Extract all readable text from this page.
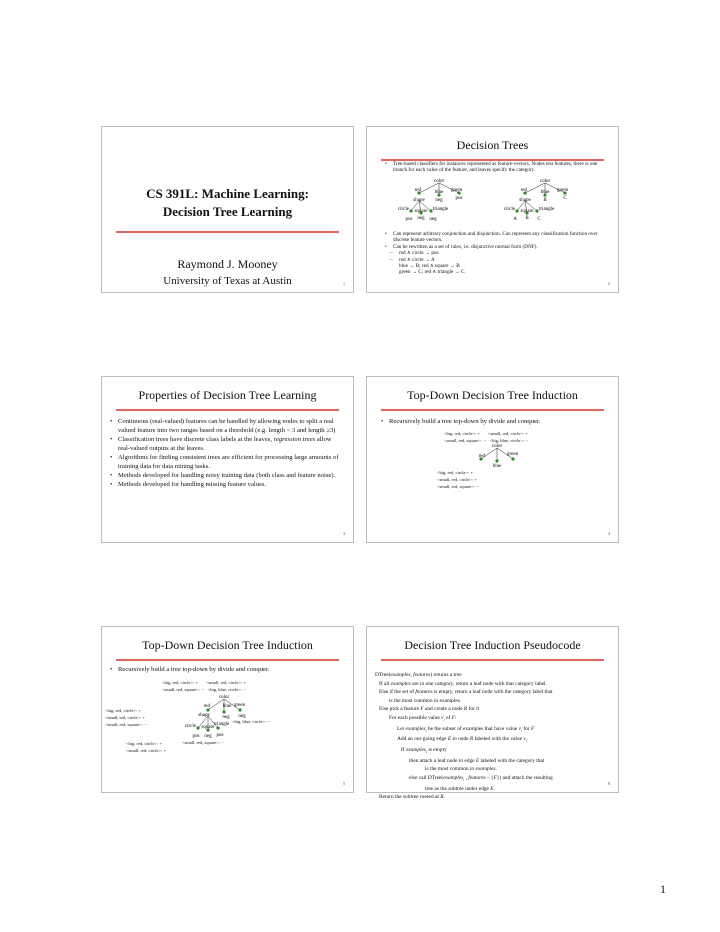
CS 391L: Machine Learning:
Decision Tree Learning
Raymond J. Mooney
University of Texas at Austin	1
Decision Trees
• Tree-based classifiers for instances represented as feature-vectors. Nodes test features, there is one branch for each value of the feature, and leaves specify the category.
color
red	blue green
shape neg	pos
circle square triangle
pos neg neg
color
red	blue green
shape	B	C
circle square triangle
A B C
• Can represent arbitrary conjunction and disjunction. Can represent any classification function over discrete feature vectors.
• Can be rewritten as a set of rules, i.e. disjunctive normal form (DNF).
– red ∧ circle → pos
– red ∧ circle → A
blue → B; red ∧ square → B
green → C; red ∧ triangle → C
2
Properties of Decision Tree Learning
• Continuous (real-valued) features can be handled by allowing nodes to split a real valued feature into two ranges based on a threshold (e.g. length < 3 and length ≥3)
• Classification trees have discrete class labels at the leaves, regression trees allow real-valued outputs at the leaves.
• Algorithms for finding consistent trees are efficient for processing large amounts of training data for data mining tasks.
• Methods developed for handling noisy training data (both class and feature noise).
• Methods developed for handling missing feature values.
3
Top-Down Decision Tree Induction
• Recursively build a tree top-down by divide and conquer.
<big, red, circle>: + <small, red, circle>: +
<small, red, square>: − <big, blue, circle>: −
color
red
blue
green
<big, red, circle>: +
<small, red, circle>: +
<small, red, square>: −
4
Top-Down Decision Tree Induction
• Recursively build a tree top-down by divide and conquer.
<big, red, circle>: + <small, red, circle>: +
<small, red, square>: − <big, blue, circle>: −
color
red	blue green
shape	neg neg
circle square
triangle
pos neg pos
<big, red, circle>: +
<small, red, circle>: +
<small, red, square>: −
<big, blue, circle>: −
<big, red, circle>: +
<small, red, circle>: +
<small, red, square>: −
5
Decision Tree Induction Pseudocode
DTree(examples, features) returns a tree
If all examples are in one category, return a leaf node with that category label.
Else if the set of features is empty, return a leaf node with the category label that
is the most common in examples.
Else pick a feature F and create a node R for it
For each possible value $v_i$ of F:
Let examples$_i$ be the subset of examples that have value $v_i$ for F
Add an out-going edge E to node R labeled with the value $v_i$.
If examples$_i$ is empty
then attach a leaf node to edge E labeled with the category that
is the most common in examples.
else call DTree(examples$_i$ , features – {F}) and attach the resulting
tree as the subtree under edge E.
Return the subtree rooted at R.
6
1
